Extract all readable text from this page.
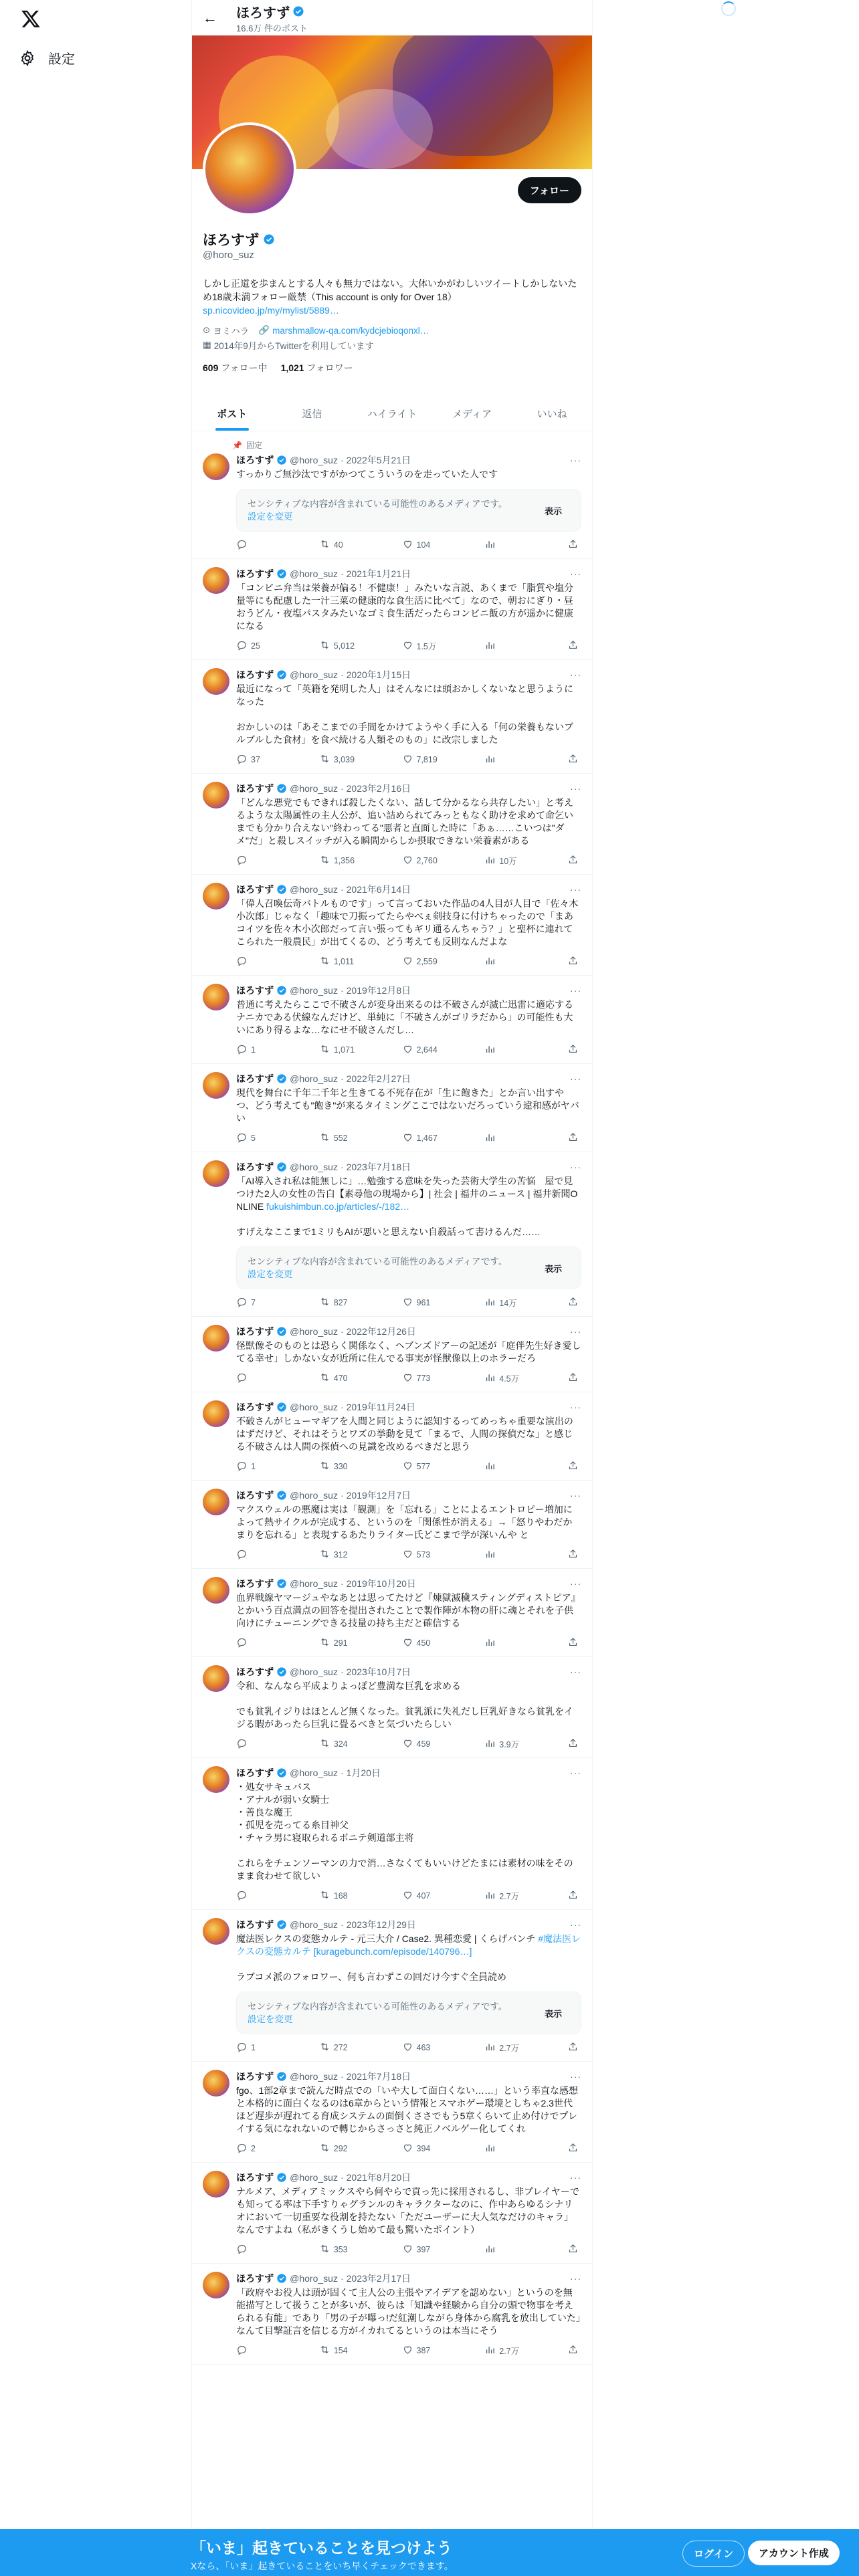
設定
← ほろすず
16.6万 件のポスト
フォロー
ほろすず
@horo_suz
しかし正道を歩まんとする人々も無力ではない。大体いかがわしいツイートしかしないため18歳未満フォロー厳禁（This account is only for Over 18）
sp.nicovideo.jp/my/mylist/5889…
⊙ ヨミハラ 🔗 marshmallow-qa.com/kydcjebioqonxl…
▦ 2014年9月からTwitterを利用しています
609 フォロー中 1,021 フォロワー
ポスト	返信	ハイライト	メディア	いいね
📌 固定
ほろすず @horo_suz · 2022年5月21日	···
すっかりご無沙汰ですがかつてこういうのを走っていた人です
センシティブな内容が含まれている可能性のあるメディアです。
設定を変更
表示
40	104
ほろすず @horo_suz · 2021年1月21日	···
「コンビニ弁当は栄養が偏る！不健康！」みたいな言説、あくまで「脂質や塩分量等にも配慮した一汁三菜の健康的な食生活に比べて」なので、朝おにぎり・昼おうどん・夜塩パスタみたいなゴミ食生活だったらコンビニ飯の方が遥かに健康になる
25	5,012	1.5万
ほろすず @horo_suz · 2020年1月15日	···
最近になって「英籍を発明した人」はそんなには頭おかしくないなと思うようになった

おかしいのは「あそこまでの手間をかけてようやく手に入る「何の栄養もないブルブルした食材」を食べ続ける人類そのもの」に改宗しました
37	3,039	7,819
ほろすず @horo_suz · 2023年2月16日	···
「どんな悪党でもできれば殺したくない、話して分かるなら共存したい」と考えるような太陽属性の主人公が、追い詰められてみっともなく助けを求めて命乞いまでも分かり合えない"終わってる"悪者と直面した時に「あぁ……こいつは"ダメ"だ」と殺しスイッチが入る瞬間からしか摂取できない栄養素がある
1,356	2,760	10万
ほろすず @horo_suz · 2021年6月14日	···
「偉人召喚伝奇バトルものです」って言っておいた作品の4人目が人目で「佐々木小次郎」じゃなく「趣味で刀振ってたらやべぇ剣技身に付けちゃったので「まあコイツを佐々木小次郎だって言い張ってもギリ通るんちゃう？」と聖杯に連れてこられた一般農民」が出てくるの、どう考えても反則なんだよな
1,011	2,559
ほろすず @horo_suz · 2019年12月8日	···
普通に考えたらここで不破さんが変身出来るのは不破さんが滅亡迅雷に適応するナニカである伏線なんだけど、単純に「不破さんがゴリラだから」の可能性も大いにあり得るよな…なにせ不破さんだし…
1	1,071	2,644
ほろすず @horo_suz · 2022年2月27日	···
現代を舞台に千年二千年と生きてる不死存在が「生に飽きた」とか言い出すやつ、どう考えても"飽き"が来るタイミングここではないだろっていう違和感がヤバい
5	552	1,467
ほろすず @horo_suz · 2023年7月18日	···
「AI導入され私は能無しに」…勉強する意味を失った芸術大学生の苦悩　屋で見つけた2人の女性の告白【素尋他の現場から】| 社会 | 福井のニュース | 福井新聞ONLINE fukuishimbun.co.jp/articles/-/182…

すげえなここまで1ミリもAIが悪いと思えない自殺話って書けるんだ……
センシティブな内容が含まれている可能性のあるメディアです。
設定を変更
表示
7	827	961	14万
ほろすず @horo_suz · 2022年12月26日	···
怪獣像そのものとは恐らく関係なく、ヘブンズドアーの記述が「庭伴先生好き愛してる幸せ」しかない女が近所に住んでる事実が怪獣像以上のホラーだろ
470	773	4.5万
ほろすず @horo_suz · 2019年11月24日	···
不破さんがヒューマギアを人間と同じように認知するってめっちゃ重要な演出のはずだけど、それはそうとワズの挙動を見て「まるで、人間の探偵だな」と感じる不破さんは人間の探偵への見識を改めるべきだと思う
1	330	577
ほろすず @horo_suz · 2019年12月7日	···
マクスウェルの悪魔は実は「観測」を「忘れる」ことによるエントロピー増加によって熱サイクルが完成する、というのを「関係性が消える」→「怒りやわだかまりを忘れる」と表現するあたりライター氏どこまで学が深いんや と
312	573
ほろすず @horo_suz · 2019年10月20日	···
血界戦線ヤマージュやなあとは思ってたけど『煉獄滅穢スティングディストピア』とかいう百点満点の回答を提出されたことで製作陣が本物の肝に魂とそれを子供向けにチューニングできる技量の持ち主だと確信する
291	450
ほろすず @horo_suz · 2023年10月7日	···
令和、なんなら平成よりよっぽど豊満な巨乳を求める

でも貧乳イジりはほとんど無くなった。貧乳派に失礼だし巨乳好きなら貧乳をイジる暇があったら巨乳に畳るべきと気づいたらしい
324	459	3.9万
ほろすず @horo_suz · 1月20日	···
・処女サキュバス
・アナルが弱い女騎士
・善良な魔王
・孤児を売ってる糸目神父
・チャラ男に寝取られるボニテ剣道部主将

これらをチェンソーマンの力で消…さなくてもいいけどたまには素材の味をそのまま食わせて欲しい
168	407	2.7万
ほろすず @horo_suz · 2023年12月29日	···
魔法医レクスの変態カルテ - 元三大介 / Case2. 異種恋愛 | くらげバンチ #魔法医レクスの変態カルテ [kuragebunch.com/episode/140796…]

ラブコメ派のフォロワー、何も言わずこの回だけ今すぐ全員読め
センシティブな内容が含まれている可能性のあるメディアです。
設定を変更
表示
1	272	463	2.7万
ほろすず @horo_suz · 2021年7月18日	···
fgo、1部2章まで読んだ時点での「いや大して面白くない……」という率直な感想と本格的に面白くなるのは6章からという情報とスマホゲー環境としちゃ2.3世代ほど遅歩が遅れてる育成システムの面倒くささでもう5章くらいて止め付けでプレイする気になれないので轉じからさっさと純正ノベルゲー化してくれ
2	292	394
ほろすず @horo_suz · 2021年8月20日	···
ナルメア、メディアミックスやら何やらで貢っ先に採用されるし、非プレイヤーでも知ってる率は下手すりゃグランルのキャラクターなのに、作中あらゆるシナリオにおいて一切重要な役割を持たない「ただユーザーに大人気なだけのキャラ」なんですよね（私がきくうし始めて最も驚いたポイント）
353	397
ほろすず @horo_suz · 2023年2月17日	···
「政府やお役人は頭が固くて主人公の主張やアイデアを認めない」というのを無能描写として扱うことが多いが、彼らは「知識や経験から自分の頭で物事を考えられる有能」であり「男の子が曝っ!だ紅潮しながら身体から腐乳を放出していた」なんて目撃証言を信じる方がイカれてるというのは本当にそう
154	387	2.7万
「いま」起きていることを見つけよう
Xなら、「いま」起きていることをいち早くチェックできます。
ログイン	アカウント作成
